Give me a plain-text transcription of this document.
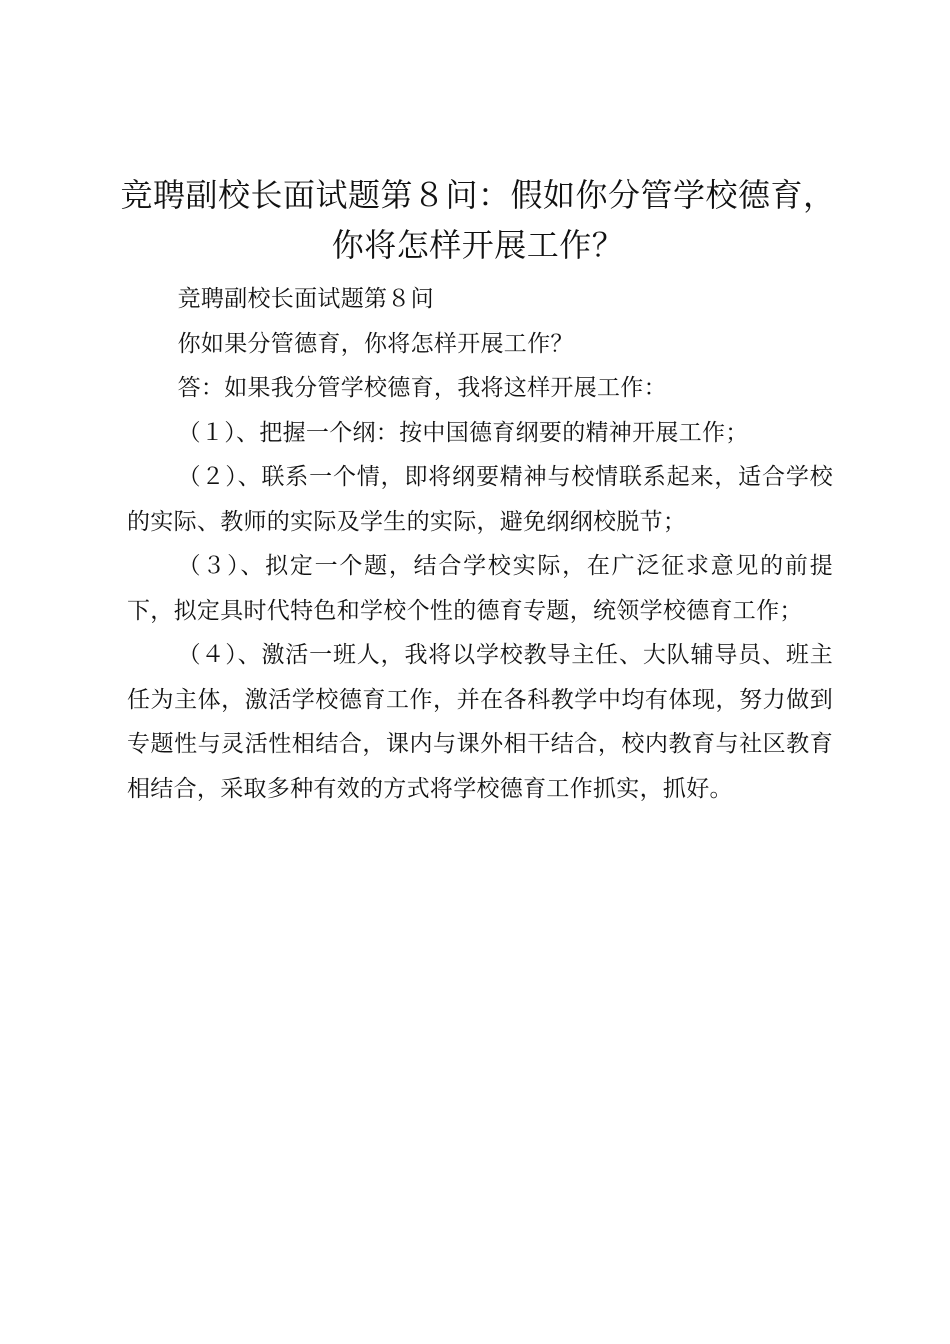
竞聘副校长面试题第８问：假如你分管学校德育，你将怎样开展工作？

竞聘副校长面试题第８问

你如果分管德育，你将怎样开展工作？

答：如果我分管学校德育，我将这样开展工作：

（１）、把握一个纲：按中国德育纲要的精神开展工作；

（２）、联系一个情，即将纲要精神与校情联系起来，适合学校的实际、教师的实际及学生的实际，避免纲纲校脱节；

（３）、拟定一个题，结合学校实际，在广泛征求意见的前提下，拟定具时代特色和学校个性的德育专题，统领学校德育工作；

（４）、激活一班人，我将以学校教导主任、大队辅导员、班主任为主体，激活学校德育工作，并在各科教学中均有体现，努力做到专题性与灵活性相结合，课内与课外相干结合，校内教育与社区教育相结合，采取多种有效的方式将学校德育工作抓实，抓好。
